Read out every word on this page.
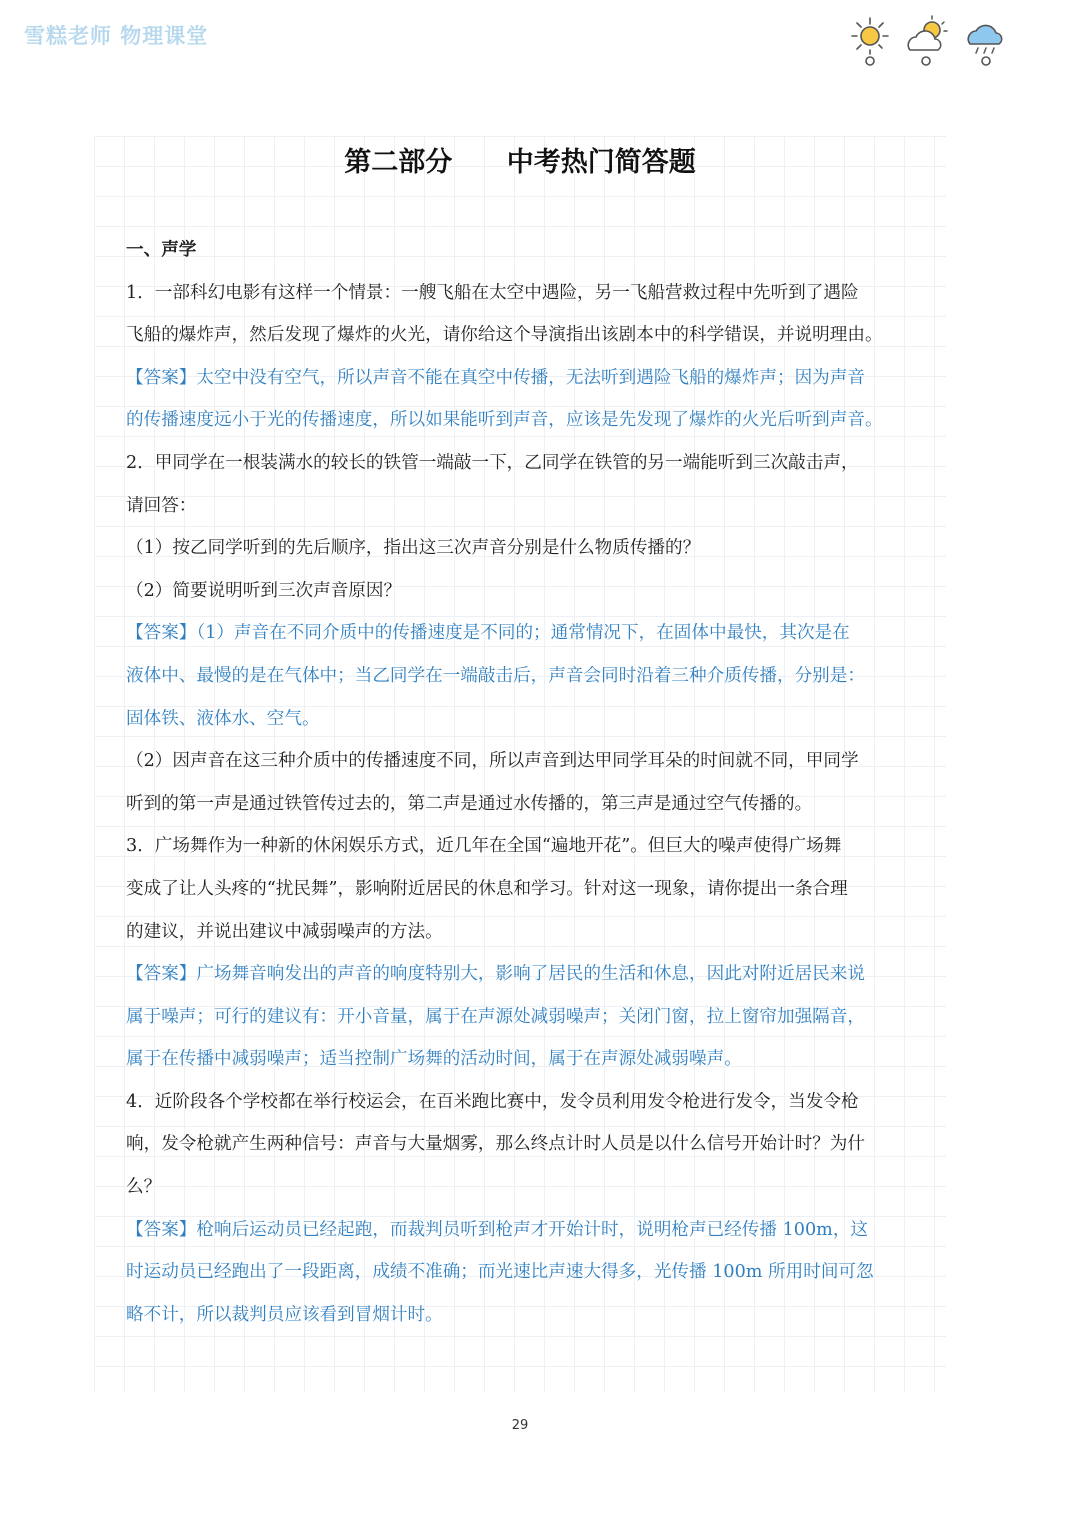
雪糕老师 物理课堂
第二部分　 中考热门简答题
一、声学
1．一部科幻电影有这样一个情景：一艘飞船在太空中遇险，另一飞船营救过程中先听到了遇险
飞船的爆炸声，然后发现了爆炸的火光，请你给这个导演指出该剧本中的科学错误，并说明理由。
【答案】太空中没有空气，所以声音不能在真空中传播，无法听到遇险飞船的爆炸声；因为声音
的传播速度远小于光的传播速度，所以如果能听到声音，应该是先发现了爆炸的火光后听到声音。
2．甲同学在一根装满水的较长的铁管一端敲一下，乙同学在铁管的另一端能听到三次敲击声，
请回答：
（1）按乙同学听到的先后顺序，指出这三次声音分别是什么物质传播的？
（2）简要说明听到三次声音原因？
【答案】（1）声音在不同介质中的传播速度是不同的；通常情况下，在固体中最快，其次是在
液体中、最慢的是在气体中；当乙同学在一端敲击后，声音会同时沿着三种介质传播，分别是：
固体铁、液体水、空气。
（2）因声音在这三种介质中的传播速度不同，所以声音到达甲同学耳朵的时间就不同，甲同学
听到的第一声是通过铁管传过去的，第二声是通过水传播的，第三声是通过空气传播的。
3．广场舞作为一种新的休闲娱乐方式，近几年在全国“遍地开花”。但巨大的噪声使得广场舞
变成了让人头疼的“扰民舞”，影响附近居民的休息和学习。针对这一现象，请你提出一条合理
的建议，并说出建议中减弱噪声的方法。
【答案】广场舞音响发出的声音的响度特别大，影响了居民的生活和休息，因此对附近居民来说
属于噪声；可行的建议有：开小音量，属于在声源处减弱噪声；关闭门窗，拉上窗帘加强隔音，
属于在传播中减弱噪声；适当控制广场舞的活动时间，属于在声源处减弱噪声。
4．近阶段各个学校都在举行校运会，在百米跑比赛中，发令员利用发令枪进行发令，当发令枪
响，发令枪就产生两种信号：声音与大量烟雾，那么终点计时人员是以什么信号开始计时？为什
么？
【答案】枪响后运动员已经起跑，而裁判员听到枪声才开始计时，说明枪声已经传播 100m，这
时运动员已经跑出了一段距离，成绩不准确；而光速比声速大得多，光传播 100m 所用时间可忽
略不计，所以裁判员应该看到冒烟计时。
29
